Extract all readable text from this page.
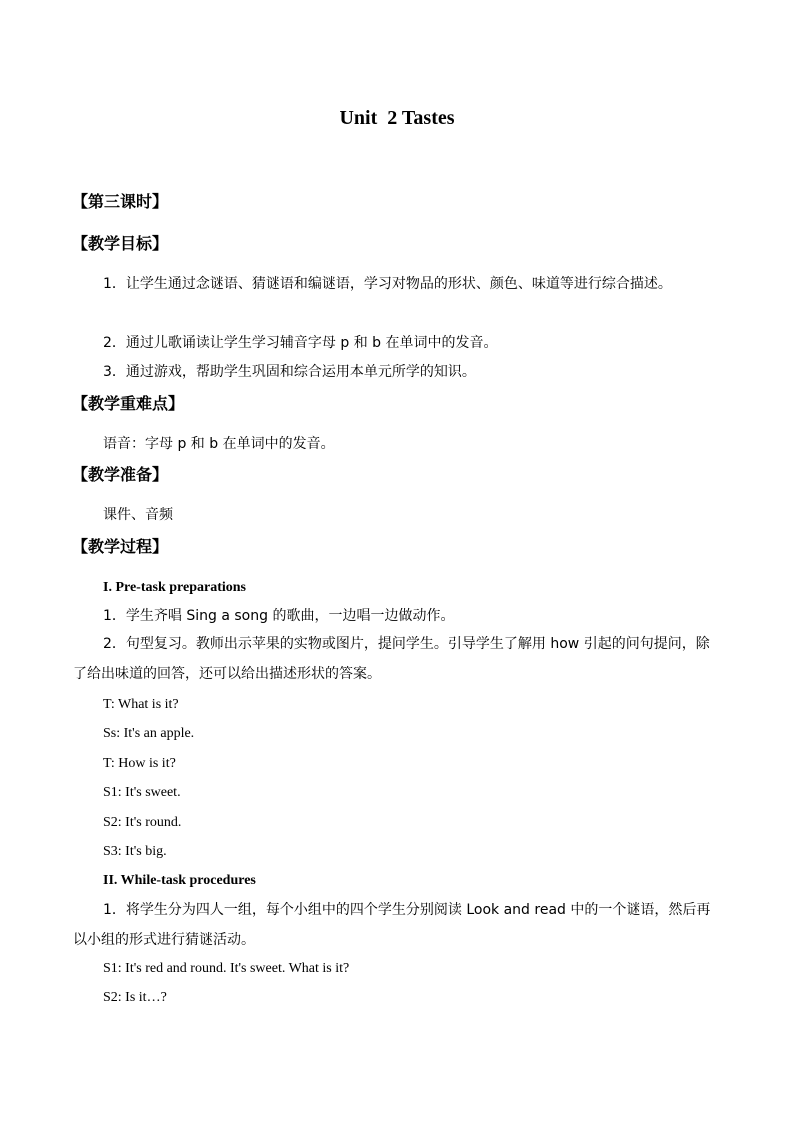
Unit  2 Tastes
【第三课时】
【教学目标】
1．让学生通过念谜语、猜谜语和编谜语，学习对物品的形状、颜色、味道等进行综合描述。
2．通过儿歌诵读让学生学习辅音字母 p 和 b 在单词中的发音。
3．通过游戏，帮助学生巩固和综合运用本单元所学的知识。
【教学重难点】
语音：字母 p 和 b 在单词中的发音。
【教学准备】
课件、音频
【教学过程】
I. Pre-task preparations
1．学生齐唱 Sing a song 的歌曲，一边唱一边做动作。
2．句型复习。教师出示苹果的实物或图片，提问学生。引导学生了解用 how 引起的问句提问，除了给出味道的回答，还可以给出描述形状的答案。
T: What is it?
Ss: It's an apple.
T: How is it?
S1: It's sweet.
S2: It's round.
S3: It's big.
II. While-task procedures
1．将学生分为四人一组，每个小组中的四个学生分别阅读 Look and read 中的一个谜语，然后再以小组的形式进行猜谜活动。
S1: It's red and round. It's sweet. What is it?
S2: Is it…?
